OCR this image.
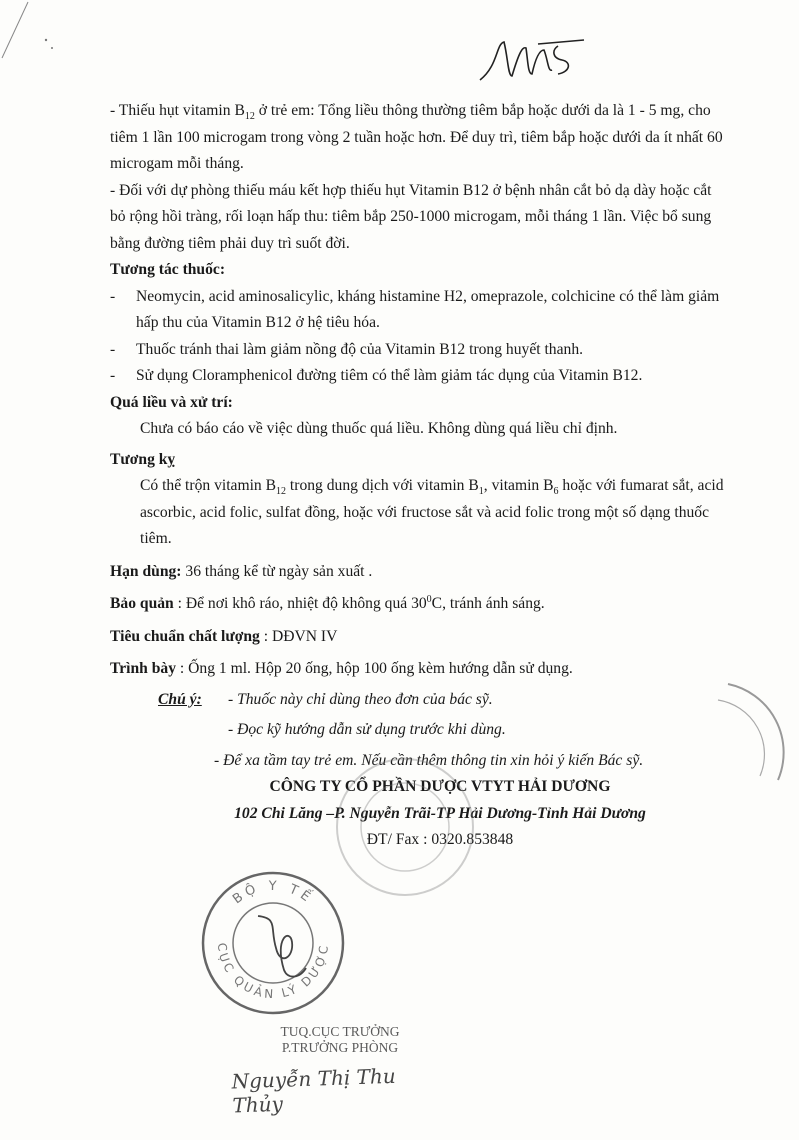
- Thiếu hụt vitamin $B_{12}$ ở trẻ em: Tổng liều thông thường tiêm bắp hoặc dưới da là 1 - 5 mg, cho tiêm 1 lần 100 microgam trong vòng 2 tuần hoặc hơn. Để duy trì, tiêm bắp hoặc dưới da ít nhất 60 microgam mỗi tháng.

- Đối với dự phòng thiếu máu kết hợp thiếu hụt Vitamin B12 ở bệnh nhân cắt bỏ dạ dày hoặc cắt bỏ rộng hồi tràng, rối loạn hấp thu: tiêm bắp 250-1000 microgam, mỗi tháng 1 lần. Việc bổ sung bằng đường tiêm phải duy trì suốt đời.

Tương tác thuốc:

-	Neomycin, acid aminosalicylic, kháng histamine H2, omeprazole, colchicine có thể làm giảm hấp thu của Vitamin B12 ở hệ tiêu hóa.
-	Thuốc tránh thai làm giảm nồng độ của Vitamin B12 trong huyết thanh.
-	Sử dụng Cloramphenicol đường tiêm có thể làm giảm tác dụng của Vitamin B12.

Quá liều và xử trí:

Chưa có báo cáo về việc dùng thuốc quá liều. Không dùng quá liều chỉ định.

Tương kỵ

Có thể trộn vitamin $B_{12}$ trong dung dịch với vitamin $B_1$, vitamin $B_6$ hoặc với fumarat sắt, acid ascorbic, acid folic, sulfat đồng, hoặc với fructose sắt và acid folic trong một số dạng thuốc tiêm.

Hạn dùng: 36 tháng kể từ ngày sản xuất .

Bảo quản : Để nơi khô ráo, nhiệt độ không quá $30^0C$, tránh ánh sáng.

Tiêu chuẩn chất lượng : DĐVN IV

Trình bày : Ống 1 ml. Hộp 20 ống, hộp 100 ống kèm hướng dẫn sử dụng.

Chú ý:	- Thuốc này chỉ dùng theo đơn của bác sỹ.
- Đọc kỹ hướng dẫn sử dụng trước khi dùng.
- Để xa tầm tay trẻ em. Nếu cần thêm thông tin xin hỏi ý kiến Bác sỹ.

CÔNG TY CỔ PHẦN DƯỢC VTYT HẢI DƯƠNG

102 Chi Lăng –P. Nguyễn Trãi-TP Hải Dương-Tỉnh Hải Dương

ĐT/ Fax : 0320.853848

BỘ Y TẾ
CỤC QUẢN LÝ DƯỢC
TUQ.CỤC TRƯỞNG
P.TRƯỞNG PHÒNG
Nguyễn Thị Thu Thủy
